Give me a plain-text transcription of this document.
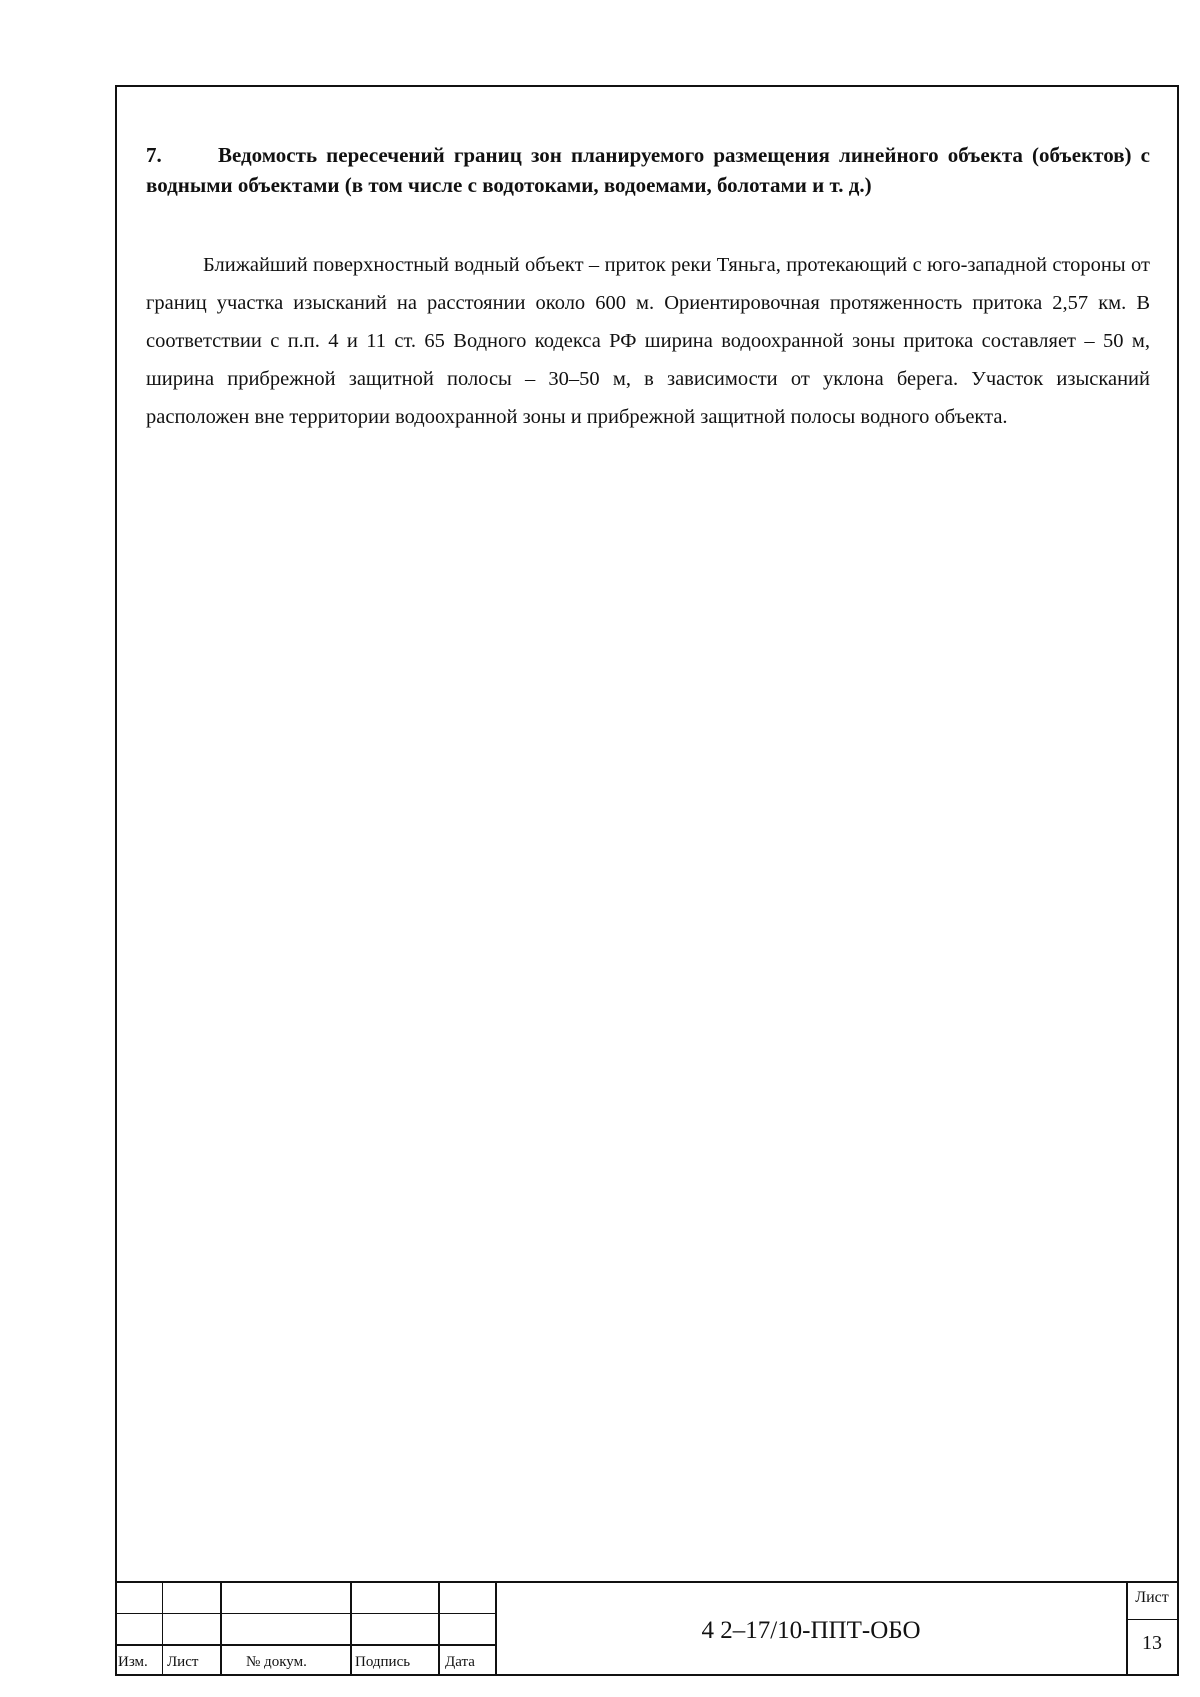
7.	Ведомость пересечений границ зон планируемого размещения линейного объекта (объектов) с водными объектами (в том числе с водотоками, водоемами, болотами и т. д.)

Ближайший поверхностный водный объект – приток реки Тяньга, протекающий с юго-западной стороны от границ участка изысканий на расстоянии около 600 м. Ориентировочная протяженность притока 2,57 км. В соответствии с п.п. 4 и 11 ст. 65 Водного кодекса РФ ширина водоохранной зоны притока составляет – 50 м, ширина прибрежной защитной полосы – 30–50 м, в зависимости от уклона берега. Участок изысканий расположен вне территории водоохранной зоны и прибрежной защитной полосы водного объекта.

Изм. Лист	№ докум.	Подпись Дата
4 2–17/10-ППТ-ОБО
Лист
13
